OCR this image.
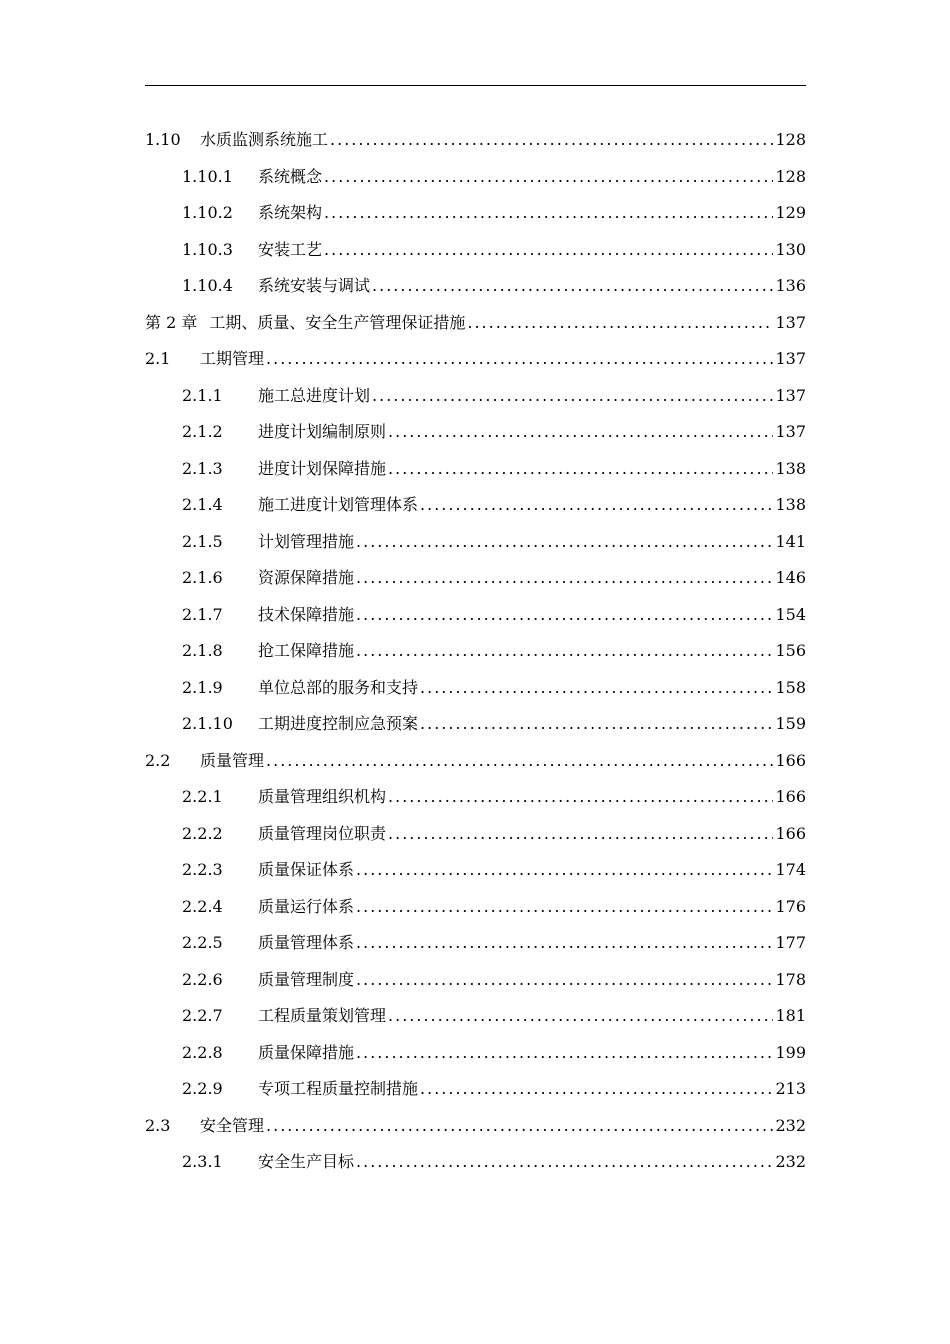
1.10	水质监测系统施工 .....	128
1.10.1	系统概念 .....	128
1.10.2	系统架构 .....	129
1.10.3	安装工艺 .....	130
1.10.4	系统安装与调试 .....	136
第 2 章 工期、质量、安全生产管理保证措施 .....	137
2.1	工期管理 .....	137
2.1.1	施工总进度计划 .....	137
2.1.2	进度计划编制原则 .....	137
2.1.3	进度计划保障措施 .....	138
2.1.4	施工进度计划管理体系 .....	138
2.1.5	计划管理措施 .....	141
2.1.6	资源保障措施 .....	146
2.1.7	技术保障措施 .....	154
2.1.8	抢工保障措施 .....	156
2.1.9	单位总部的服务和支持 .....	158
2.1.10	工期进度控制应急预案 .....	159
2.2	质量管理 .....	166
2.2.1	质量管理组织机构 .....	166
2.2.2	质量管理岗位职责 .....	166
2.2.3	质量保证体系 .....	174
2.2.4	质量运行体系 .....	176
2.2.5	质量管理体系 .....	177
2.2.6	质量管理制度 .....	178
2.2.7	工程质量策划管理 .....	181
2.2.8	质量保障措施 .....	199
2.2.9	专项工程质量控制措施 .....	213
2.3	安全管理 .....	232
2.3.1	安全生产目标 .....	232
